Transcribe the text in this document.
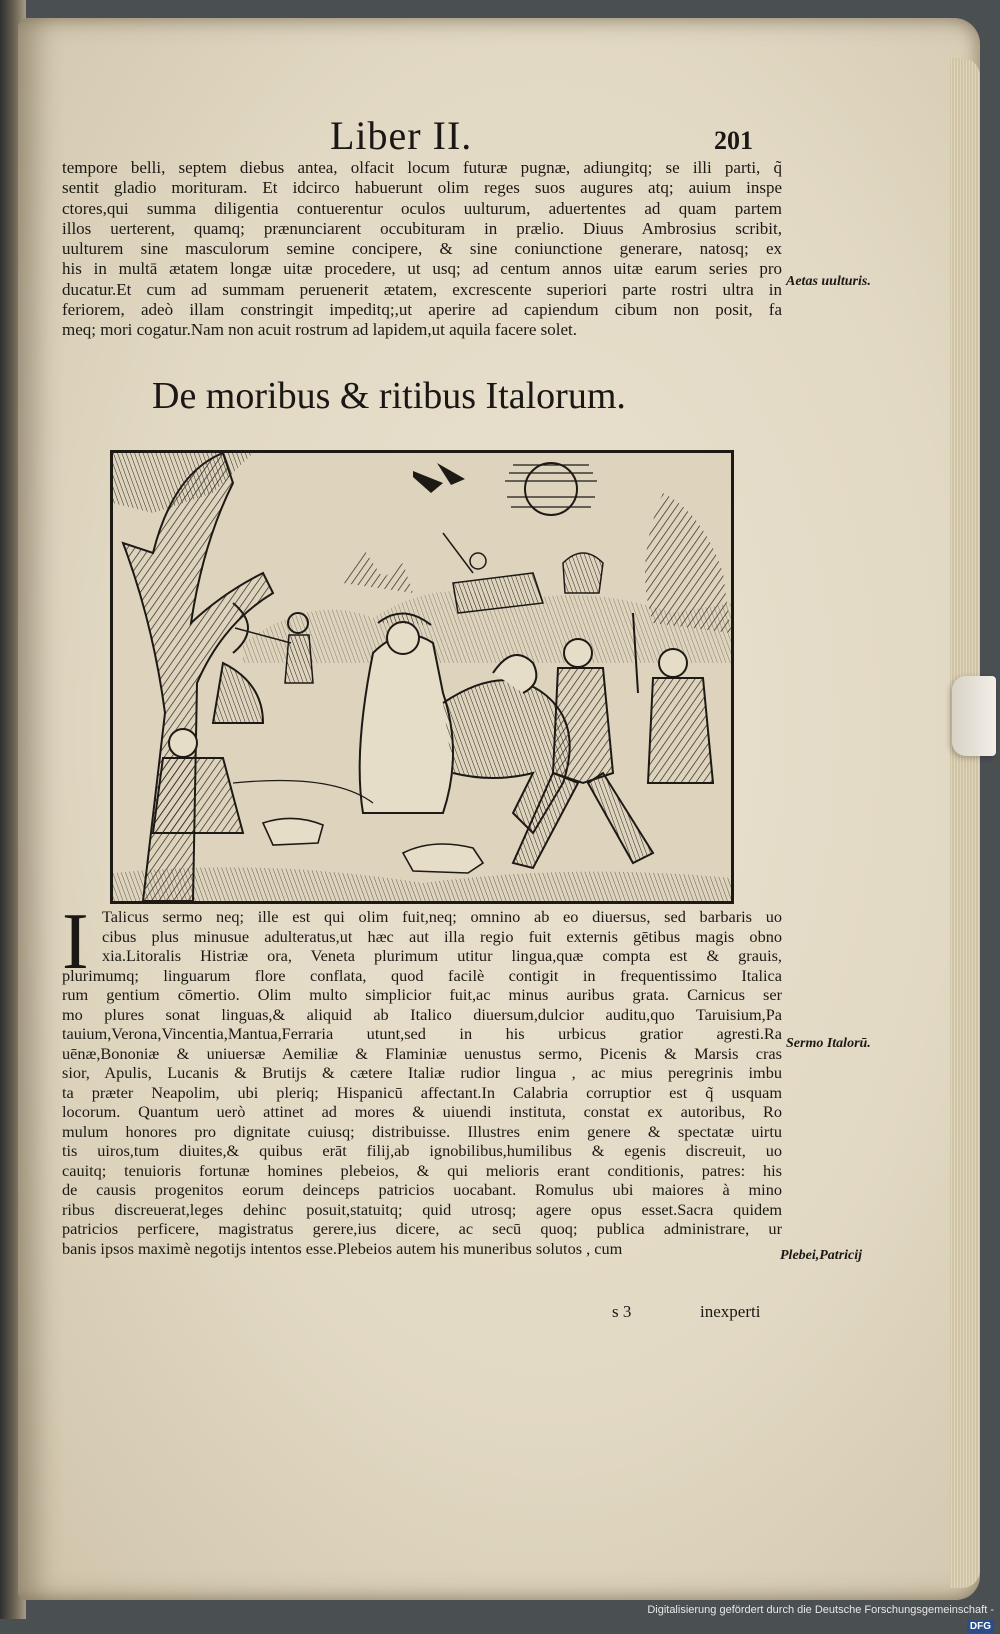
Liber II.	201
tempore belli, septem diebus antea, olfacit locum futuræ pugnæ, adiungitq; se illi parti, q̃
sentit gladio morituram. Et idcirco habuerunt olim reges suos augures atq; auium inspe
ctores,qui summa diligentia contuerentur oculos uulturum, aduertentes ad quam partem
illos uerterent, quamq; prænunciarent occubituram in prælio. Diuus Ambrosius scribit,
uulturem sine masculorum semine concipere, & sine coniunctione generare, natosq; ex
his in multā ætatem longæ uitæ procedere, ut usq; ad centum annos uitæ earum series pro
ducatur.Et cum ad summam peruenerit ætatem, excrescente superiori parte rostri ultra in
feriorem, adeò illam constringit impeditq;,ut aperire ad capiendum cibum non posit, fa
meq; mori cogatur.Nam non acuit rostrum ad lapidem,ut aquila facere solet.
Aetas uulturis.
De moribus & ritibus Italorum.
I Talicus sermo neq; ille est qui olim fuit,neq; omnino ab eo diuersus, sed barbaris uo
cibus plus minusue adulteratus,ut hæc aut illa regio fuit externis gētibus magis obno
xia.Litoralis Histriæ ora, Veneta plurimum utitur lingua,quæ compta est & grauis,
plurimumq; linguarum flore conflata, quod facilè contigit in frequentissimo Italica
rum gentium cōmertio. Olim multo simplicior fuit,ac minus auribus grata. Carnicus ser
mo plures sonat linguas,& aliquid ab Italico diuersum,dulcior auditu,quo Taruisium,Pa
tauium,Verona,Vincentia,Mantua,Ferraria utunt,sed in his urbicus gratior agresti.Ra
uēnæ,Bononiæ & uniuersæ Aemiliæ & Flaminiæ uenustus sermo, Picenis & Marsis cras
sior, Apulis, Lucanis & Brutijs & cætere Italiæ rudior lingua , ac mius peregrinis imbu
ta præter Neapolim, ubi pleriq; Hispanicū affectant.In Calabria corruptior est q̃ usquam
locorum. Quantum uerò attinet ad mores & uiuendi instituta, constat ex autoribus, Ro
mulum honores pro dignitate cuiusq; distribuisse. Illustres enim genere & spectatæ uirtu
tis uiros,tum diuites,& quibus erāt filij,ab ignobilibus,humilibus & egenis discreuit, uo
cauitq; tenuioris fortunæ homines plebeios, & qui melioris erant conditionis, patres: his
de causis progenitos eorum deinceps patricios uocabant. Romulus ubi maiores à mino
ribus discreuerat,leges dehinc posuit,statuitq; quid utrosq; agere opus esset.Sacra quidem
patricios perficere, magistratus gerere,ius dicere, ac secū quoq; publica administrare, ur
banis ipsos maximè negotijs intentos esse.Plebeios autem his muneribus solutos , cum
Sermo Italorū.
Plebei,Patricij
s 3	inexperti
Digitalisierung gefördert durch die Deutsche Forschungsgemeinschaft -DFG
